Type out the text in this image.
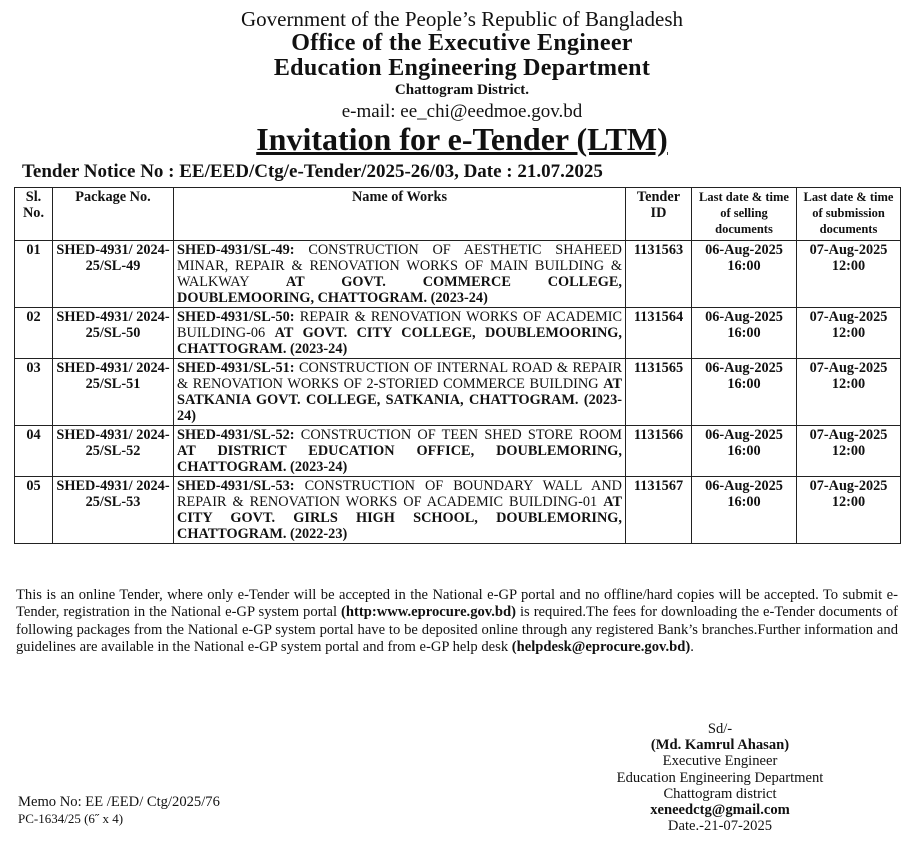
Government of the People’s Republic of Bangladesh
Office of the Executive Engineer
Education Engineering Department
Chattogram District.
e-mail: ee_chi@eedmoe.gov.bd
Invitation for e-Tender (LTM)
Tender Notice No : EE/EED/Ctg/e-Tender/2025-26/03, Date : 21.07.2025
Sl. No.	Package No.	Name of Works	Tender ID	Last date & time of selling documents	Last date & time of submission documents
01	SHED-4931/ 2024-25/SL-49	SHED-4931/SL-49: CONSTRUCTION OF AESTHETIC SHAHEED MINAR, REPAIR & RENOVATION WORKS OF MAIN BUILDING & WALKWAY AT GOVT. COMMERCE COLLEGE, DOUBLEMOORING, CHATTOGRAM. (2023-24)	1131563	06-Aug-2025 16:00	07-Aug-2025 12:00
02	SHED-4931/ 2024-25/SL-50	SHED-4931/SL-50: REPAIR & RENOVATION WORKS OF ACADEMIC BUILDING-06 AT GOVT. CITY COLLEGE, DOUBLEMOORING, CHATTOGRAM. (2023-24)	1131564	06-Aug-2025 16:00	07-Aug-2025 12:00
03	SHED-4931/ 2024-25/SL-51	SHED-4931/SL-51: CONSTRUCTION OF INTERNAL ROAD & REPAIR & RENOVATION WORKS OF 2-STORIED COMMERCE BUILDING AT SATKANIA GOVT. COLLEGE, SATKANIA, CHATTOGRAM. (2023-24)	1131565	06-Aug-2025 16:00	07-Aug-2025 12:00
04	SHED-4931/ 2024-25/SL-52	SHED-4931/SL-52: CONSTRUCTION OF TEEN SHED STORE ROOM AT DISTRICT EDUCATION OFFICE, DOUBLEMORING, CHATTOGRAM. (2023-24)	1131566	06-Aug-2025 16:00	07-Aug-2025 12:00
05	SHED-4931/ 2024-25/SL-53	SHED-4931/SL-53: CONSTRUCTION OF BOUNDARY WALL AND REPAIR & RENOVATION WORKS OF ACADEMIC BUILDING-01 AT CITY GOVT. GIRLS HIGH SCHOOL, DOUBLEMORING, CHATTOGRAM. (2022-23)	1131567	06-Aug-2025 16:00	07-Aug-2025 12:00
This is an online Tender, where only e-Tender will be accepted in the National e-GP portal and no offline/hard copies will be accepted. To submit e-Tender, registration in the National e-GP system portal (http:www.eprocure.gov.bd) is required.The fees for downloading the e-Tender documents of following packages from the National e-GP system portal have to be deposited online through any registered Bank’s branches.Further information and guidelines are available in the National e-GP system portal and from e-GP help desk (helpdesk@eprocure.gov.bd).
Sd/-
(Md. Kamrul Ahasan)
Executive Engineer
Education Engineering Department
Chattogram district
xeneedctg@gmail.com
Date.-21-07-2025
Memo No: EE /EED/ Ctg/2025/76
PC-1634/25 (6˝ x 4)
